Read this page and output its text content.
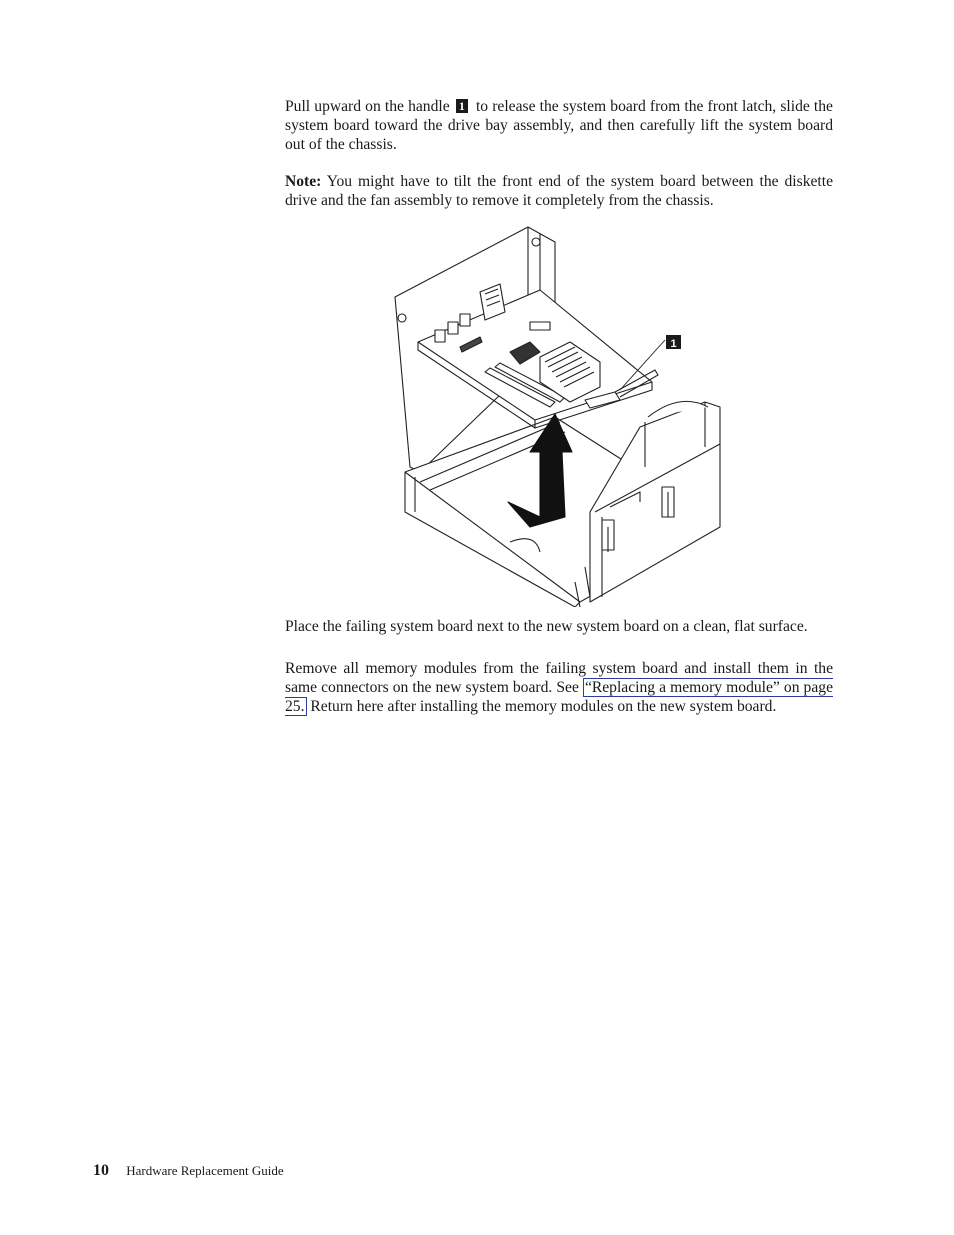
Pull upward on the handle 1 to release the system board from the front latch, slide the system board toward the drive bay assembly, and then carefully lift the system board out of the chassis.

Note: You might have to tilt the front end of the system board between the diskette drive and the fan assembly to remove it completely from the chassis.

1

Place the failing system board next to the new system board on a clean, flat surface.

Remove all memory modules from the failing system board and install them in the same connectors on the new system board. See “Replacing a memory module” on page 25. Return here after installing the memory modules on the new system board.

10 Hardware Replacement Guide
